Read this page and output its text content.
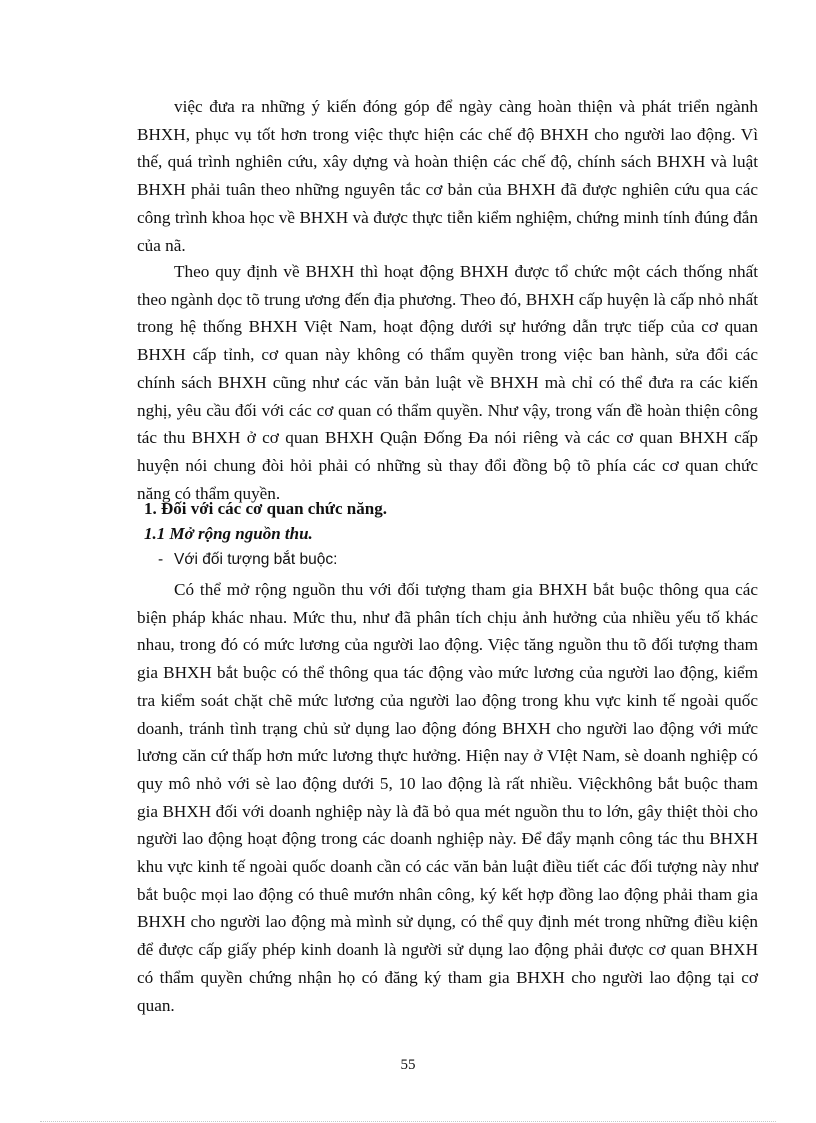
việc đưa ra những ý kiến đóng góp để ngày càng hoàn thiện và phát triển ngành BHXH, phục vụ tốt hơn trong việc thực hiện các chế độ BHXH cho người lao động. Vì thế, quá trình nghiên cứu, xây dựng và hoàn thiện các chế độ, chính sách BHXH và luật BHXH phải tuân theo những nguyên tắc cơ bản của BHXH đã được nghiên cứu qua các công trình khoa học về BHXH và được thực tiễn kiểm nghiệm, chứng minh tính đúng đắn của nã.

Theo quy định về BHXH thì hoạt động BHXH được tổ chức một cách thống nhất theo ngành dọc tõ trung ương đến địa phương. Theo đó, BHXH cấp huyện là cấp nhỏ nhất trong hệ thống BHXH Việt Nam, hoạt động dưới sự hướng dẫn trực tiếp của cơ quan BHXH cấp tỉnh, cơ quan này không có thẩm quyền trong việc ban hành, sửa đổi các chính sách BHXH cũng như các văn bản luật về BHXH mà chỉ có thể đưa ra các kiến nghị, yêu cầu đối với các cơ quan có thẩm quyền. Như vậy, trong vấn đề hoàn thiện công tác thu BHXH ở cơ quan BHXH Quận Đống Đa nói riêng và các cơ quan BHXH cấp huyện nói chung đòi hỏi phải có những sù thay đổi đồng bộ tõ phía các cơ quan chức năng có thẩm quyền.

1. Đối với các cơ quan chức năng.

1.1 Mở rộng nguồn thu.

- Với đối tượng bắt buộc:

Có thể mở rộng nguồn thu với đối tượng tham gia BHXH bắt buộc thông qua các biện pháp khác nhau. Mức thu, như đã phân tích chịu ảnh hưởng của nhiều yếu tố khác nhau, trong đó có mức lương của người lao động. Việc tăng nguồn thu tõ đối tượng tham gia BHXH bắt buộc có thể thông qua tác động vào mức lương của người lao động, kiểm tra kiểm soát chặt chẽ mức lương của người lao động trong khu vực kinh tế ngoài quốc doanh, tránh tình trạng chủ sử dụng lao động đóng BHXH cho người lao động với mức lương căn cứ thấp hơn mức lương thực hưởng. Hiện nay ở VIệt Nam, sè doanh nghiệp có quy mô nhỏ với sè lao động dưới 5, 10 lao động là rất nhiều. Việckhông bắt buộc tham gia BHXH đối với doanh nghiệp này là đã bỏ qua mét nguồn thu to lớn, gây thiệt thòi cho người lao động hoạt động trong các doanh nghiệp này. Để đẩy mạnh công tác thu BHXH khu vực kinh tế ngoài quốc doanh cần có các văn bản luật điều tiết các đối tượng này như bắt buộc mọi lao động có thuê mướn nhân công, ký kết hợp đồng lao động phải tham gia BHXH cho người lao động mà mình sử dụng, có thể quy định mét trong những điều kiện để được cấp giấy phép kinh doanh là người sử dụng lao động phải được cơ quan BHXH có thẩm quyền chứng nhận họ có đăng ký tham gia BHXH cho người lao động tại cơ quan.

55
